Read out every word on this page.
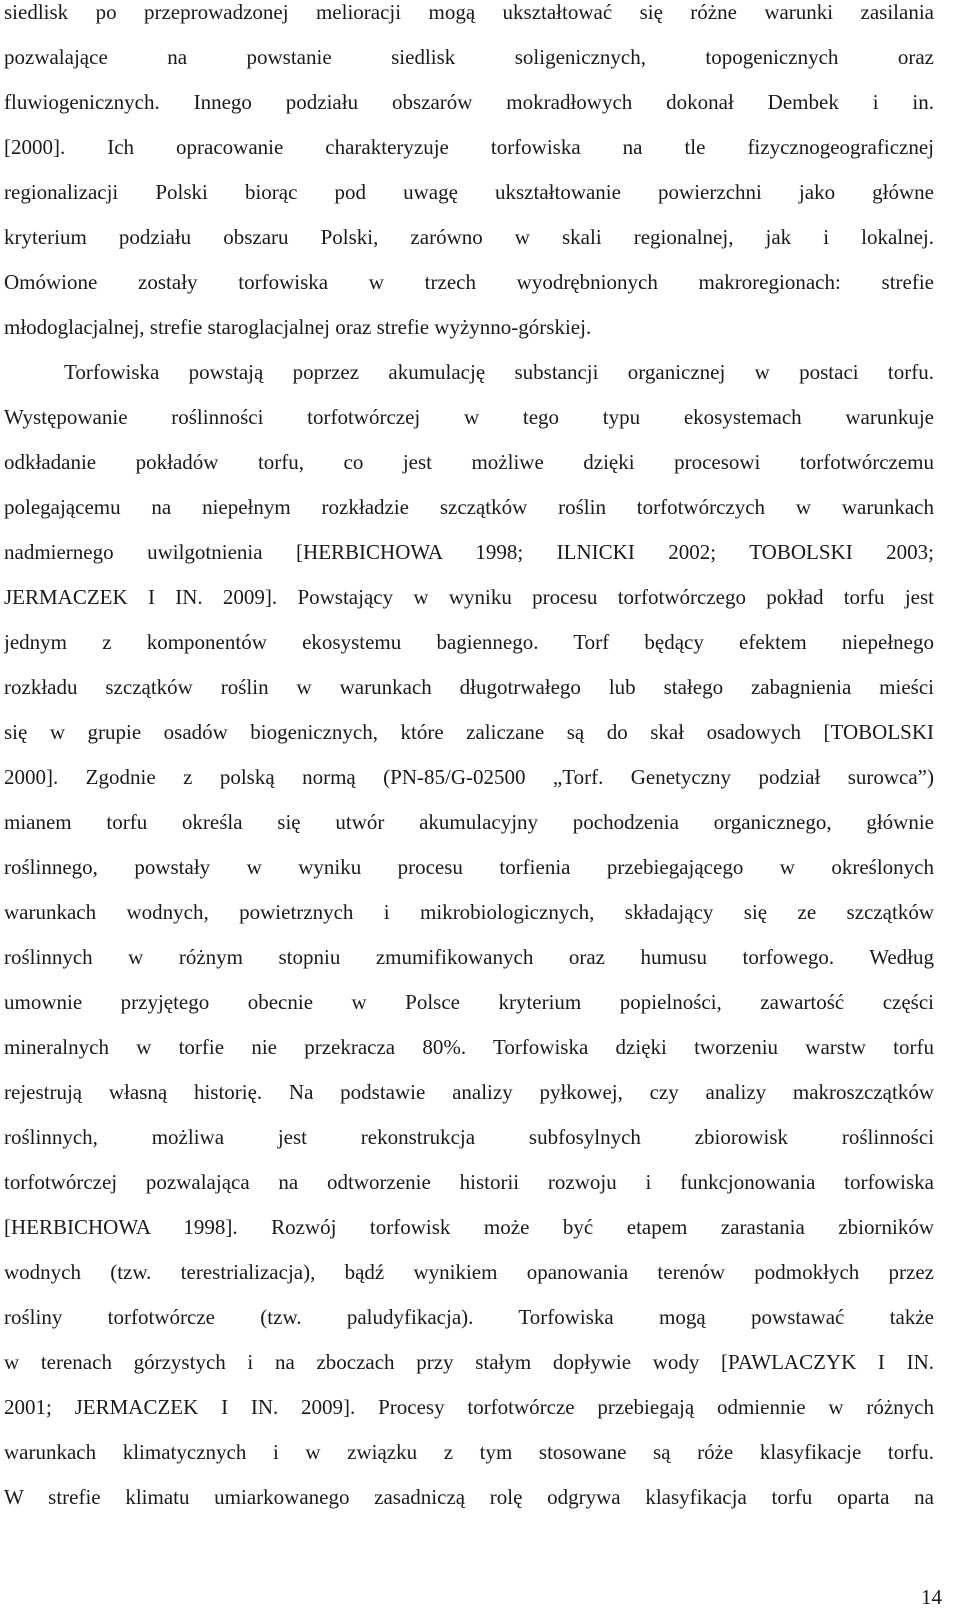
siedlisk po przeprowadzonej melioracji mogą ukształtować się różne warunki zasilania
pozwalające na powstanie siedlisk soligenicznych, topogenicznych oraz
fluwiogenicznych. Innego podziału obszarów mokradłowych dokonał Dembek i in.
[2000]. Ich opracowanie charakteryzuje torfowiska na tle fizycznogeograficznej
regionalizacji Polski biorąc pod uwagę ukształtowanie powierzchni jako główne
kryterium podziału obszaru Polski, zarówno w skali regionalnej, jak i lokalnej.
Omówione zostały torfowiska w trzech wyodrębnionych makroregionach: strefie
młodoglacjalnej, strefie staroglacjalnej oraz strefie wyżynno-górskiej.
Torfowiska powstają poprzez akumulację substancji organicznej w postaci torfu.
Występowanie roślinności torfotwórczej w tego typu ekosystemach warunkuje
odkładanie pokładów torfu, co jest możliwe dzięki procesowi torfotwórczemu
polegającemu na niepełnym rozkładzie szczątków roślin torfotwórczych w warunkach
nadmiernego uwilgotnienia [HERBICHOWA 1998; ILNICKI 2002; TOBOLSKI 2003;
JERMACZEK I IN. 2009]. Powstający w wyniku procesu torfotwórczego pokład torfu jest
jednym z komponentów ekosystemu bagiennego. Torf będący efektem niepełnego
rozkładu szczątków roślin w warunkach długotrwałego lub stałego zabagnienia mieści
się w grupie osadów biogenicznych, które zaliczane są do skał osadowych [TOBOLSKI
2000]. Zgodnie z polską normą (PN-85/G-02500 „Torf. Genetyczny podział surowca”)
mianem torfu określa się utwór akumulacyjny pochodzenia organicznego, głównie
roślinnego, powstały w wyniku procesu torfienia przebiegającego w określonych
warunkach wodnych, powietrznych i mikrobiologicznych, składający się ze szczątków
roślinnych w różnym stopniu zmumifikowanych oraz humusu torfowego. Według
umownie przyjętego obecnie w Polsce kryterium popielności, zawartość części
mineralnych w torfie nie przekracza 80%. Torfowiska dzięki tworzeniu warstw torfu
rejestrują własną historię. Na podstawie analizy pyłkowej, czy analizy makroszczątków
roślinnych, możliwa jest rekonstrukcja subfosylnych zbiorowisk roślinności
torfotwórczej pozwalająca na odtworzenie historii rozwoju i funkcjonowania torfowiska
[HERBICHOWA 1998]. Rozwój torfowisk może być etapem zarastania zbiorników
wodnych (tzw. terestrializacja), bądź wynikiem opanowania terenów podmokłych przez
rośliny torfotwórcze (tzw. paludyfikacja). Torfowiska mogą powstawać także
w terenach górzystych i na zboczach przy stałym dopływie wody [PAWLACZYK I IN.
2001; JERMACZEK I IN. 2009]. Procesy torfotwórcze przebiegają odmiennie w różnych
warunkach klimatycznych i w związku z tym stosowane są róże klasyfikacje torfu.
W strefie klimatu umiarkowanego zasadniczą rolę odgrywa klasyfikacja torfu oparta na
14
